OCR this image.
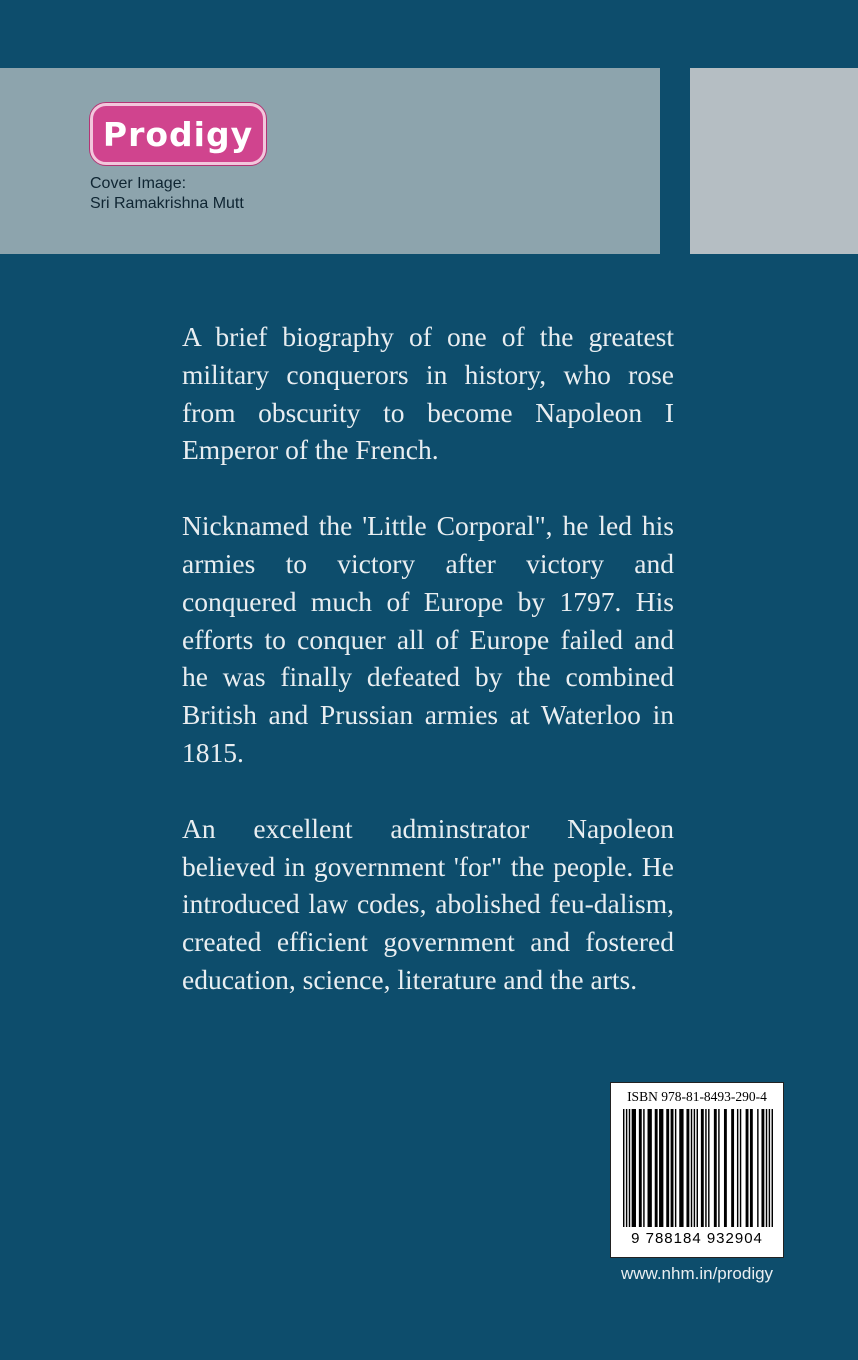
Prodigy
Cover Image:
Sri Ramakrishna Mutt

A brief biography of one of the greatest military conquerors in history, who rose from obscurity to become Napoleon I Emperor of the French.

Nicknamed the 'Little Corporal", he led his armies to victory after victory and conquered much of Europe by 1797. His efforts to conquer all of Europe failed and he was finally defeated by the combined British and Prussian armies at Waterloo in 1815.

An excellent adminstrator Napoleon believed in government 'for" the people. He introduced law codes, abolished feu-dalism, created efficient government and fostered education, science, literature and the arts.

ISBN 978-81-8493-290-4
9 788184 932904
www.nhm.in/prodigy
